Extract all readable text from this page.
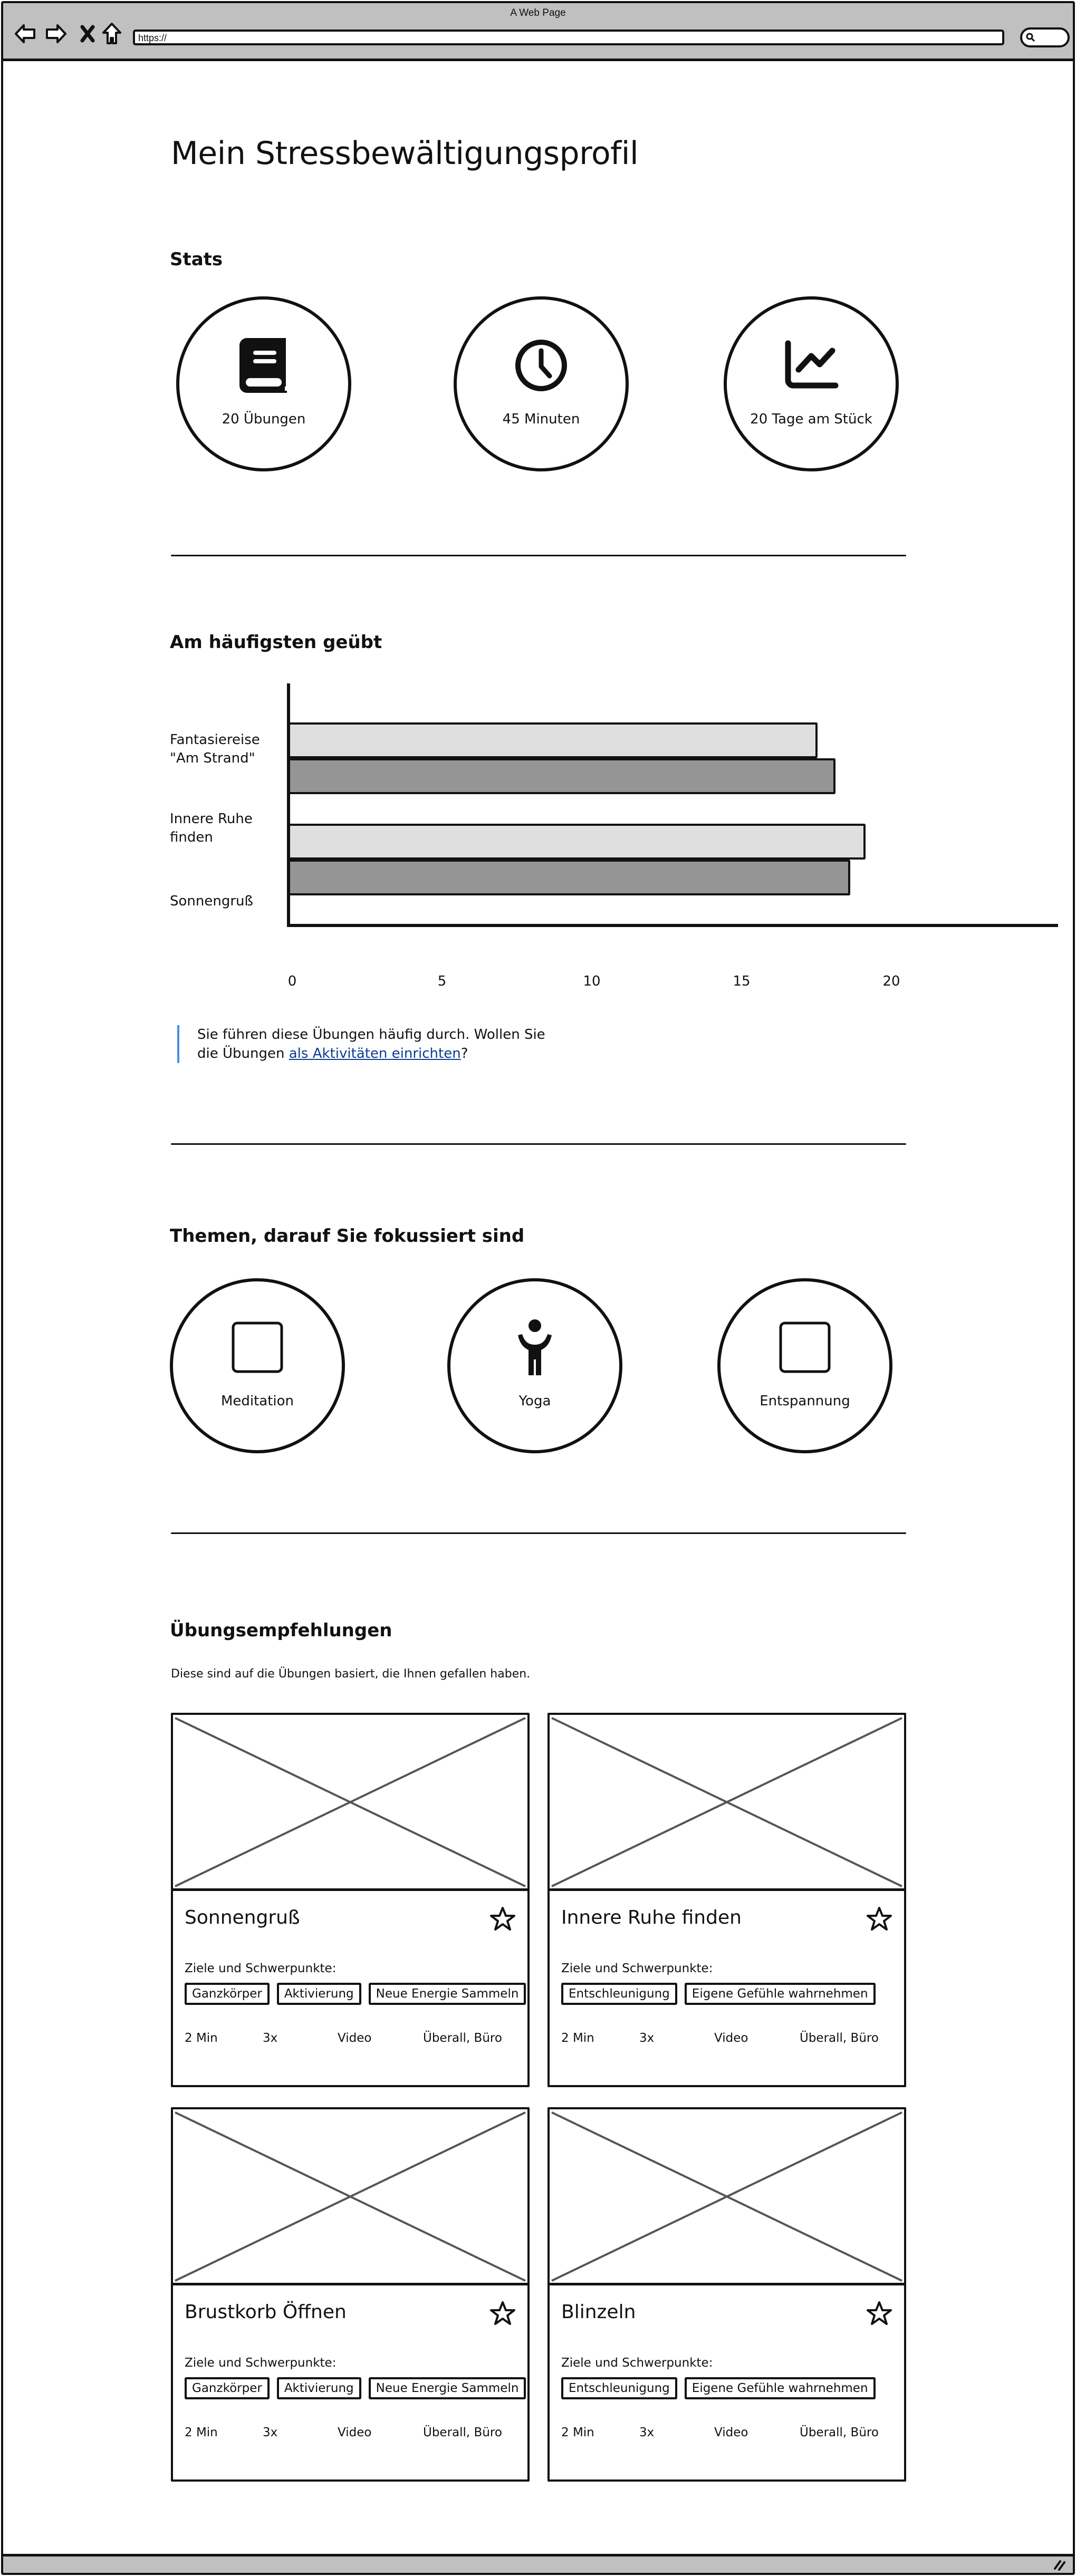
A Web Page
https://
Mein Stressbewältigungsprofil
Stats
20 Übungen	45 Minuten	20 Tage am Stück
Am häufigsten geübt
Fantasiereise "Am Strand"
Innere Ruhe finden
Sonnengruß
0	5	10	15	20
Sie führen diese Übungen häufig durch. Wollen Sie die Übungen als Aktivitäten einrichten?
Themen, darauf Sie fokussiert sind
Meditation	Yoga	Entspannung
Übungsempfehlungen

Diese sind auf die Übungen basiert, die Ihnen gefallen haben.

Sonnengruß
Ziele und Schwerpunkte:
Ganzkörper	Aktivierung	Neue Energie Sammeln
2 Min	3x	Video	Überall, Büro
Innere Ruhe finden
Ziele und Schwerpunkte:
Entschleunigung	Eigene Gefühle wahrnehmen
2 Min	3x	Video	Überall, Büro
Brustkorb Öffnen
Ziele und Schwerpunkte:
Ganzkörper	Aktivierung	Neue Energie Sammeln
2 Min	3x	Video	Überall, Büro
Blinzeln
Ziele und Schwerpunkte:
Entschleunigung	Eigene Gefühle wahrnehmen
2 Min	3x	Video	Überall, Büro
